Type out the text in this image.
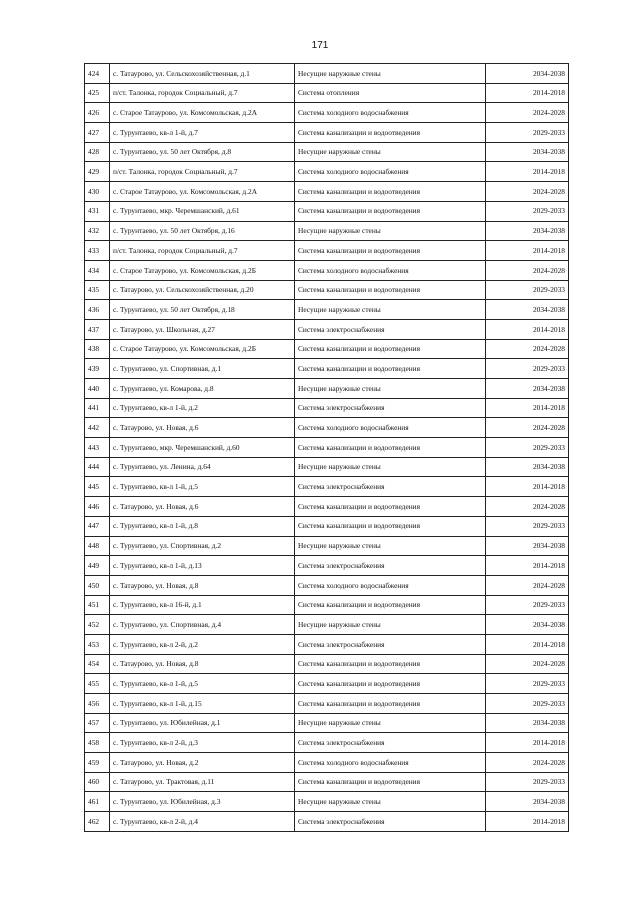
171
424	с. Татаурово, ул. Сельскохозяйственная, д.1	Несущие наружные стены	2034-2038
425	п/ст. Талонка, городок Социальный, д.7	Система отопления	2014-2018
426	с. Старое Татаурово, ул. Комсомольская, д.2А	Система холодного водоснабжения	2024-2028
427	с. Турунтаево, кв-л 1-й, д.7	Система канализации и водоотведения	2029-2033
428	с. Турунтаево, ул. 50 лет Октября, д.8	Несущие наружные стены	2034-2038
429	п/ст. Талонка, городок Социальный, д.7	Система холодного водоснабжения	2014-2018
430	с. Старое Татаурово, ул. Комсомольская, д.2А	Система канализации и водоотведения	2024-2028
431	с. Турунтаево, мкр. Черемшанский, д.61	Система канализации и водоотведения	2029-2033
432	с. Турунтаево, ул. 50 лет Октября, д.16	Несущие наружные стены	2034-2038
433	п/ст. Талонка, городок Социальный, д.7	Система канализации и водоотведения	2014-2018
434	с. Старое Татаурово, ул. Комсомольская, д.2Б	Система холодного водоснабжения	2024-2028
435	с. Татаурово, ул. Сельскохозяйственная, д.20	Система канализации и водоотведения	2029-2033
436	с. Турунтаево, ул. 50 лет Октября, д.18	Несущие наружные стены	2034-2038
437	с. Татаурово, ул. Школьная, д.27	Система электроснабжения	2014-2018
438	с. Старое Татаурово, ул. Комсомольская, д.2Б	Система канализации и водоотведения	2024-2028
439	с. Турунтаево, ул. Спортивная, д.1	Система канализации и водоотведения	2029-2033
440	с. Турунтаево, ул. Комарова, д.8	Несущие наружные стены	2034-2038
441	с. Турунтаево, кв-л 1-й, д.2	Система электроснабжения	2014-2018
442	с. Татаурово, ул. Новая, д.6	Система холодного водоснабжения	2024-2028
443	с. Турунтаево, мкр. Черемшанский, д.60	Система канализации и водоотведения	2029-2033
444	с. Турунтаево, ул. Ленина, д.64	Несущие наружные стены	2034-2038
445	с. Турунтаево, кв-л 1-й, д.5	Система электроснабжения	2014-2018
446	с. Татаурово, ул. Новая, д.6	Система канализации и водоотведения	2024-2028
447	с. Турунтаево, кв-л 1-й, д.8	Система канализации и водоотведения	2029-2033
448	с. Турунтаево, ул. Спортивная, д.2	Несущие наружные стены	2034-2038
449	с. Турунтаево, кв-л 1-й, д.13	Система электроснабжения	2014-2018
450	с. Татаурово, ул. Новая, д.8	Система холодного водоснабжения	2024-2028
451	с. Турунтаево, кв-л 16-й, д.1	Система канализации и водоотведения	2029-2033
452	с. Турунтаево, ул. Спортивная, д.4	Несущие наружные стены	2034-2038
453	с. Турунтаево, кв-л 2-й, д.2	Система электроснабжения	2014-2018
454	с. Татаурово, ул. Новая, д.8	Система канализации и водоотведения	2024-2028
455	с. Турунтаево, кв-л 1-й, д.5	Система канализации и водоотведения	2029-2033
456	с. Турунтаево, кв-л 1-й, д.15	Система канализации и водоотведения	2029-2033
457	с. Турунтаево, ул. Юбилейная, д.1	Несущие наружные стены	2034-2038
458	с. Турунтаево, кв-л 2-й, д.3	Система электроснабжения	2014-2018
459	с. Татаурово, ул. Новая, д.2	Система холодного водоснабжения	2024-2028
460	с. Татаурово, ул. Трактовая, д.11	Система канализации и водоотведения	2029-2033
461	с. Турунтаево, ул. Юбилейная, д.3	Несущие наружные стены	2034-2038
462	с. Турунтаево, кв-л 2-й, д.4	Система электроснабжения	2014-2018
